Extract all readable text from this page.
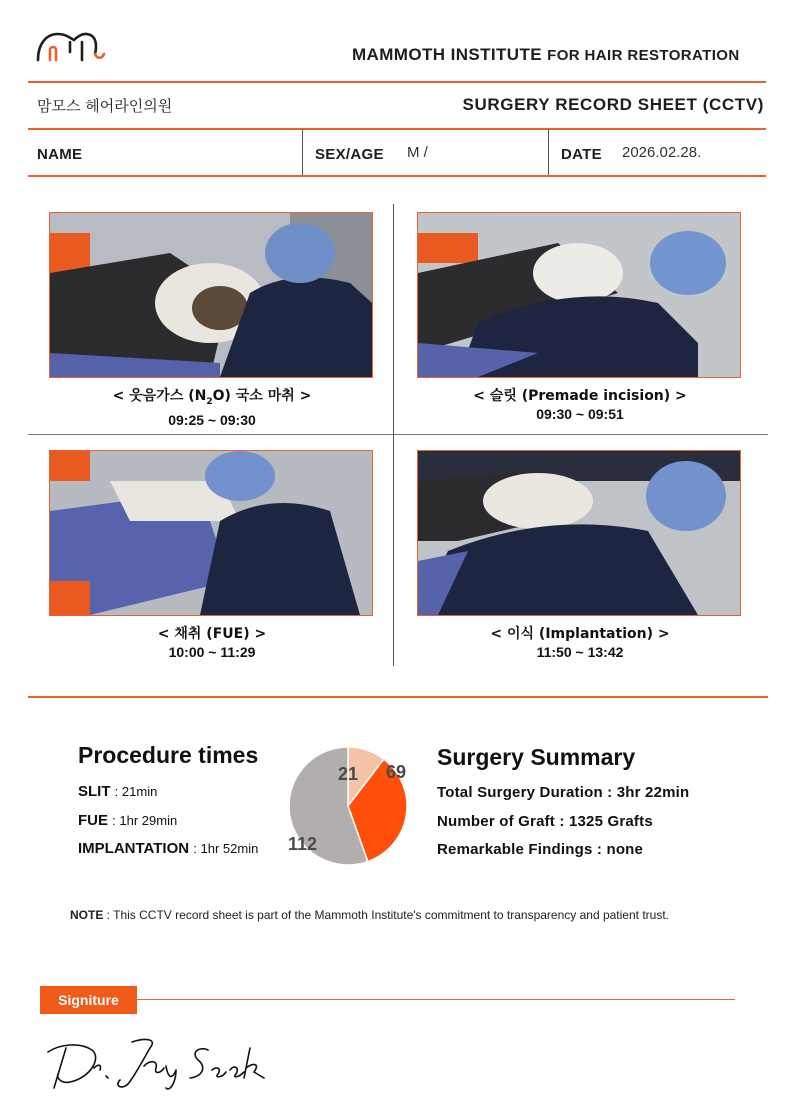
MAMMOTH INSTITUTE FOR HAIR RESTORATION
맘모스 헤어라인의원	SURGERY RECORD SHEET (CCTV)
NAME	SEX/AGE M /	DATE 2026.02.28.
< 웃음가스 $(N_2O)$ 국소 마취 >
09:25 ~ 09:30
< 슬릿 (Premade incision) >
09:30 ~ 09:51
< 채취 (FUE) >
10:00 ~ 11:29
< 이식 (Implantation) >
11:50 ~ 13:42
Procedure times
SLIT : 21min
FUE : 1hr 29min
IMPLANTATION : 1hr 52min
21 69
112
Surgery Summary
Total Surgery Duration : 3hr 22min
Number of Graft : 1325 Grafts
Remarkable Findings : none
NOTE : This CCTV record sheet is part of the Mammoth Institute's commitment to transparency and patient trust.
Signiture
